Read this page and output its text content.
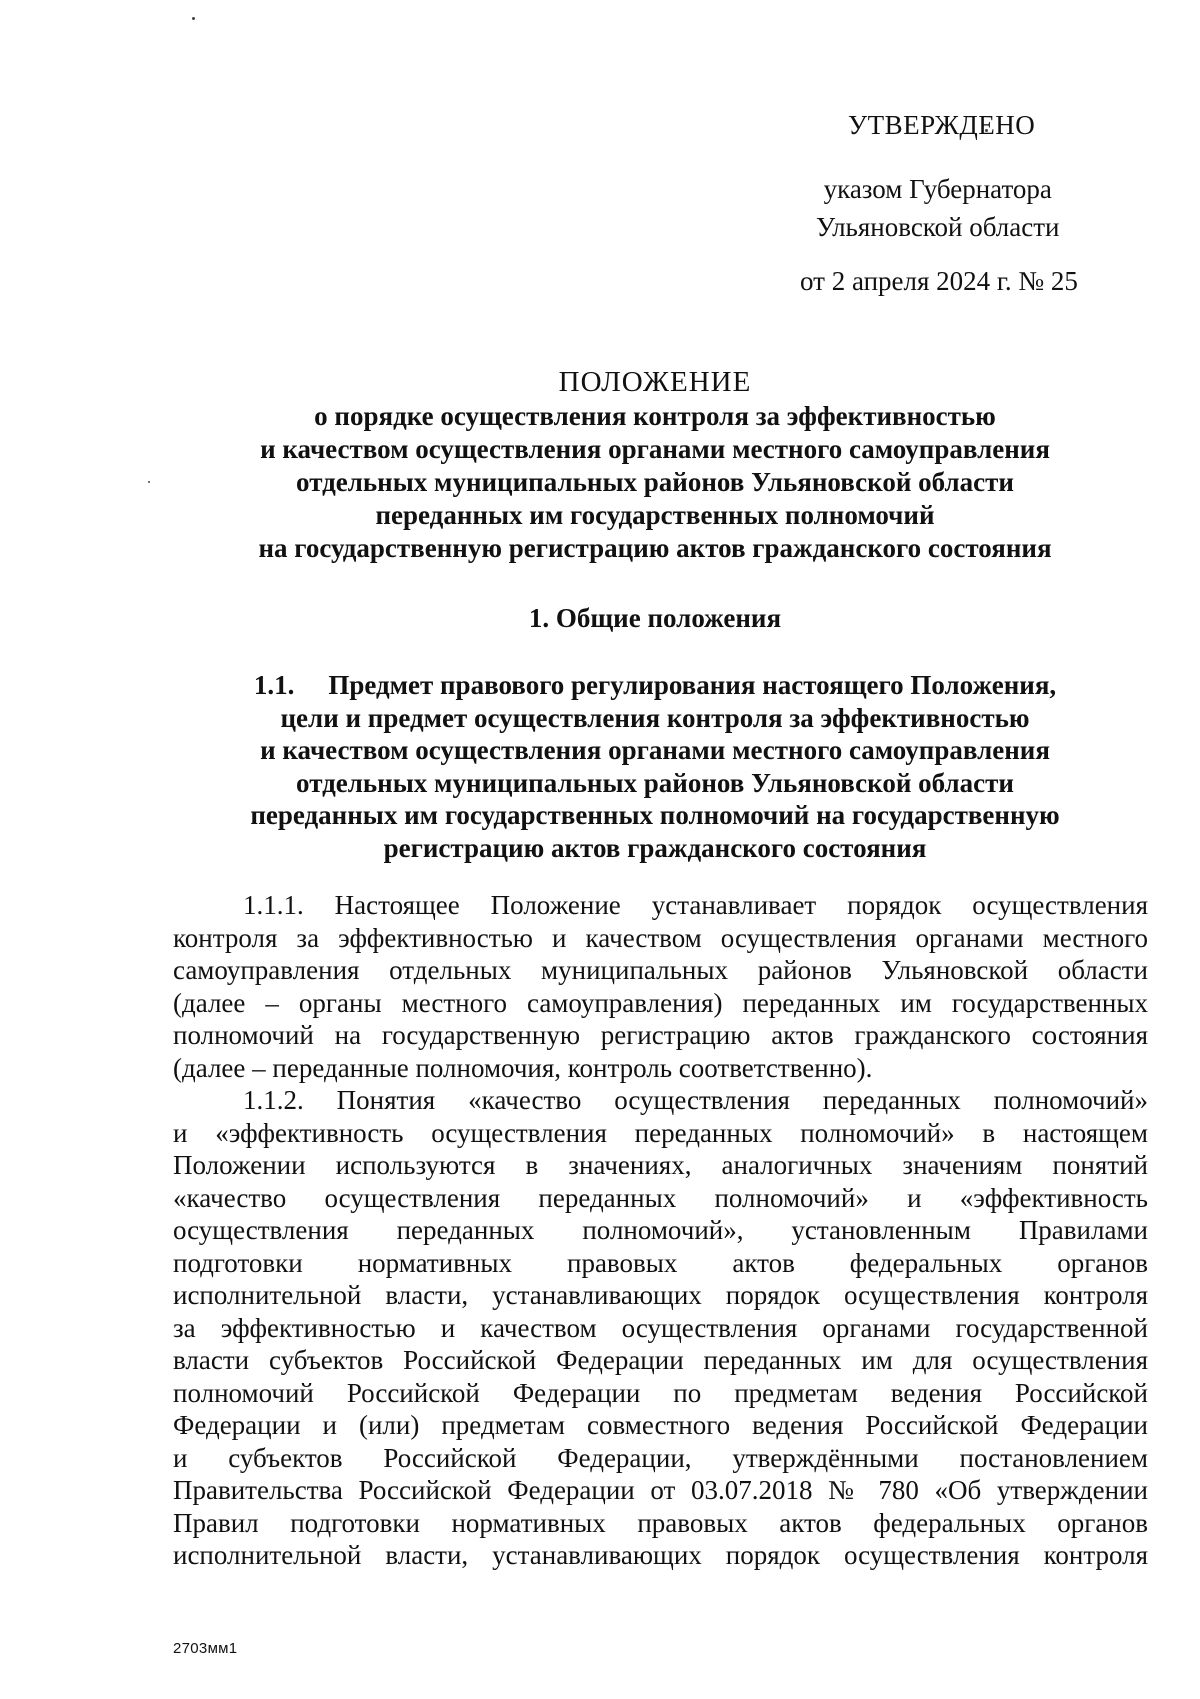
УТВЕРЖДЕНО
указом Губернатора
Ульяновской области
от 2 апреля 2024 г. № 25
ПОЛОЖЕНИЕ
о порядке осуществления контроля за эффективностью
и качеством осуществления органами местного самоуправления
отдельных муниципальных районов Ульяновской области
переданных им государственных полномочий
на государственную регистрацию актов гражданского состояния
1. Общие положения
1.1. Предмет правового регулирования настоящего Положения,
цели и предмет осуществления контроля за эффективностью
и качеством осуществления органами местного самоуправления
отдельных муниципальных районов Ульяновской области
переданных им государственных полномочий на государственную
регистрацию актов гражданского состояния
1.1.1. Настоящее Положение устанавливает порядок осуществления
контроля за эффективностью и качеством осуществления органами местного
самоуправления отдельных муниципальных районов Ульяновской области
(далее – органы местного самоуправления) переданных им государственных
полномочий на государственную регистрацию актов гражданского состояния
(далее – переданные полномочия, контроль соответственно).
1.1.2. Понятия «качество осуществления переданных полномочий»
и «эффективность осуществления переданных полномочий» в настоящем
Положении используются в значениях, аналогичных значениям понятий
«качество осуществления переданных полномочий» и «эффективность
осуществления переданных полномочий», установленным Правилами
подготовки нормативных правовых актов федеральных органов
исполнительной власти, устанавливающих порядок осуществления контроля
за эффективностью и качеством осуществления органами государственной
власти субъектов Российской Федерации переданных им для осуществления
полномочий Российской Федерации по предметам ведения Российской
Федерации и (или) предметам совместного ведения Российской Федерации
и субъектов Российской Федерации, утверждёнными постановлением
Правительства Российской Федерации от 03.07.2018 № 780 «Об утверждении
Правил подготовки нормативных правовых актов федеральных органов
исполнительной власти, устанавливающих порядок осуществления контроля
2703мм1
